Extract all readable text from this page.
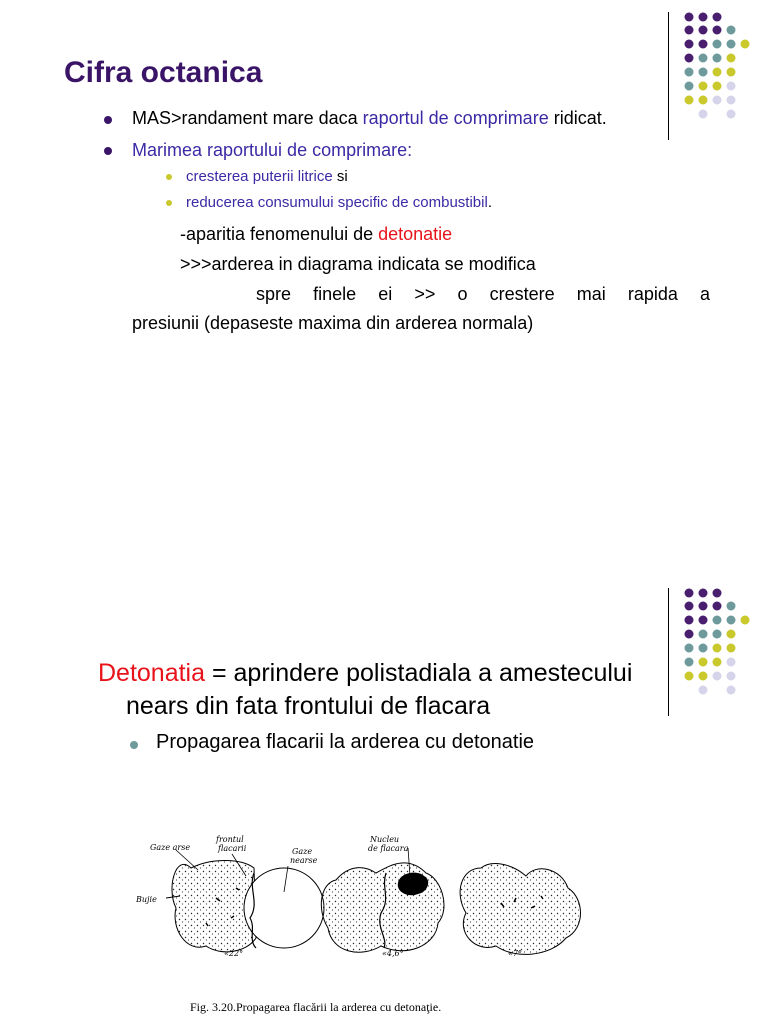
Cifra octanica
MAS>randament mare daca raportul de comprimare ridicat.
Marimea raportului de comprimare:
cresterea puterii litrice si
reducerea consumului specific de combustibil.
-aparitia fenomenului de detonatie
>>>arderea in diagrama indicata se modifica
spre finele ei >> o crestere mai rapida a
presiunii (depaseste maxima din arderea normala)
Detonatia = aprindere polistadiala a amestecului
nears din fata frontului de flacara
Propagarea flacarii la arderea cu detonatie
Gaze arse
frontul
flacarii	Gaze
nearse
Nucleu
de flacara
Bujie
«22°	«4,6°	«7°
Fig. 3.20.Propagarea flacării la arderea cu detonaţie.
